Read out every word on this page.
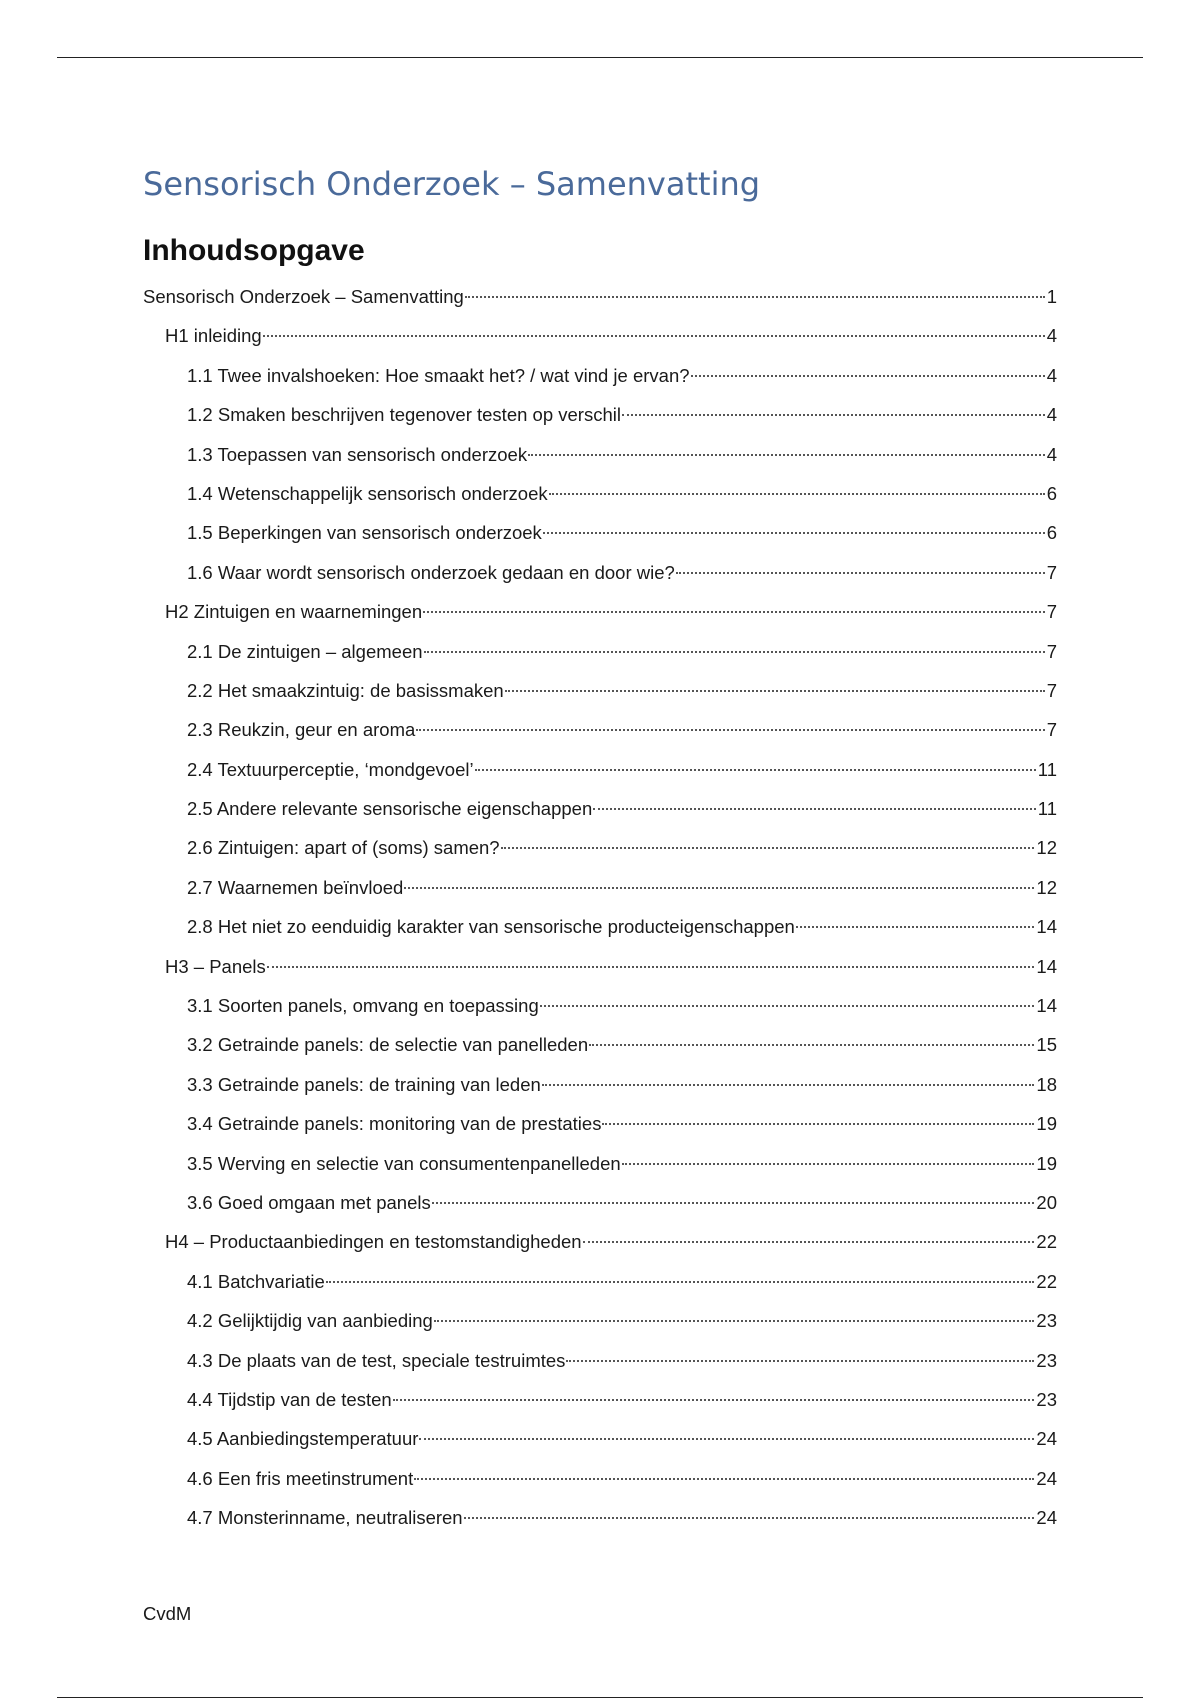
Sensorisch Onderzoek – Samenvatting
Inhoudsopgave
Sensorisch Onderzoek – Samenvatting	1
H1 inleiding	4
1.1 Twee invalshoeken: Hoe smaakt het? / wat vind je ervan?	4
1.2 Smaken beschrijven tegenover testen op verschil	4
1.3 Toepassen van sensorisch onderzoek	4
1.4 Wetenschappelijk sensorisch onderzoek	6
1.5 Beperkingen van sensorisch onderzoek	6
1.6 Waar wordt sensorisch onderzoek gedaan en door wie?	7
H2 Zintuigen en waarnemingen	7
2.1 De zintuigen – algemeen	7
2.2 Het smaakzintuig: de basissmaken	7
2.3 Reukzin, geur en aroma	7
2.4 Textuurperceptie, ‘mondgevoel’	11
2.5 Andere relevante sensorische eigenschappen	11
2.6 Zintuigen: apart of (soms) samen?	12
2.7 Waarnemen beïnvloed	12
2.8 Het niet zo eenduidig karakter van sensorische producteigenschappen	14
H3 – Panels	14
3.1 Soorten panels, omvang en toepassing	14
3.2 Getrainde panels: de selectie van panelleden	15
3.3 Getrainde panels: de training van leden	18
3.4 Getrainde panels: monitoring van de prestaties	19
3.5 Werving en selectie van consumentenpanelleden	19
3.6 Goed omgaan met panels	20
H4 – Productaanbiedingen en testomstandigheden	22
4.1 Batchvariatie	22
4.2 Gelijktijdig van aanbieding	23
4.3 De plaats van de test, speciale testruimtes	23
4.4 Tijdstip van de testen	23
4.5 Aanbiedingstemperatuur	24
4.6 Een fris meetinstrument	24
4.7 Monsterinname, neutraliseren	24

CvdM
